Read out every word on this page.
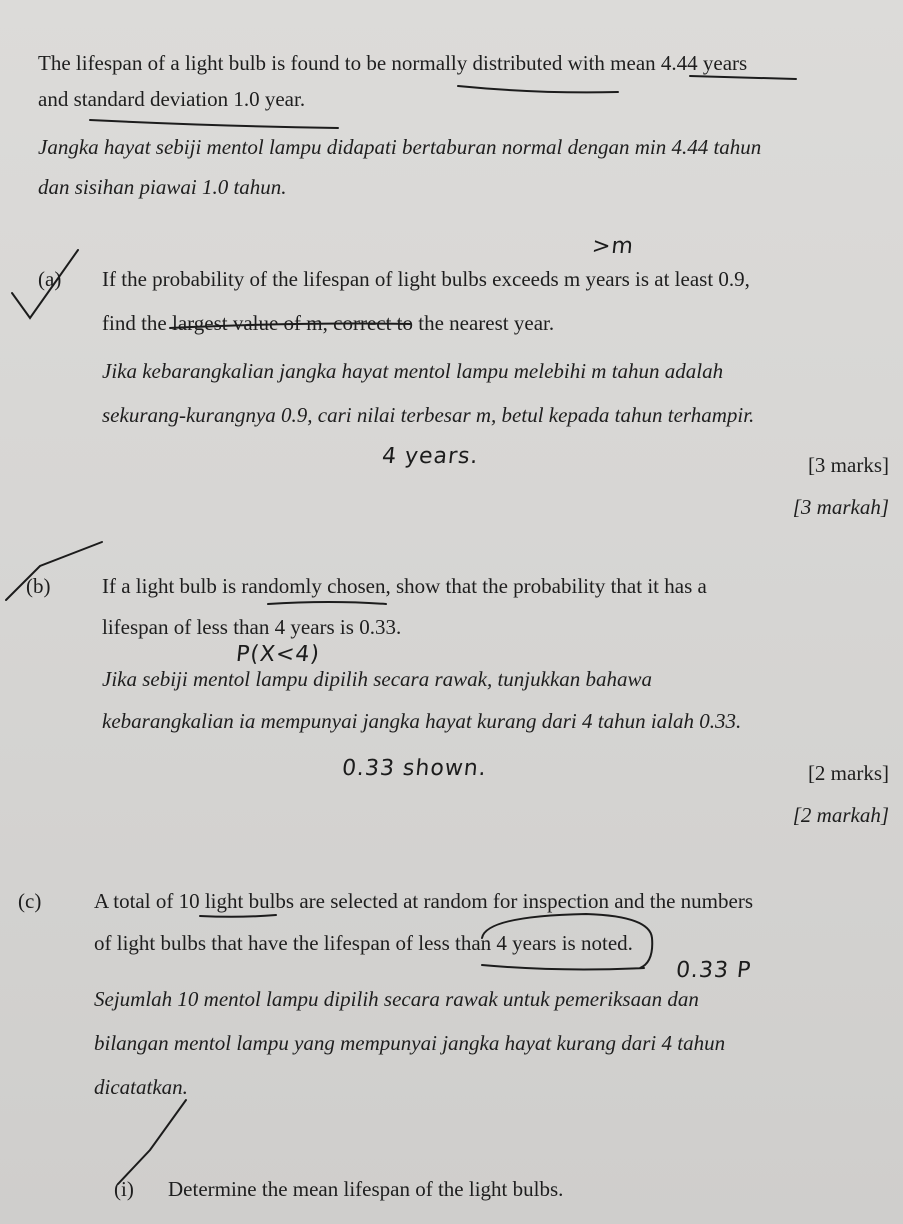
The lifespan of a light bulb is found to be normally distributed with mean 4.44 years
and standard deviation 1.0 year.
Jangka hayat sebiji mentol lampu didapati bertaburan normal dengan min 4.44 tahun
dan sisihan piawai 1.0 tahun.
>m
(a) If the probability of the lifespan of light bulbs exceeds m years is at least 0.9,
find the largest value of m, correct to the nearest year.
Jika kebarangkalian jangka hayat mentol lampu melebihi m tahun adalah
sekurang-kurangnya 0.9, cari nilai terbesar m, betul kepada tahun terhampir.
4 years.	[3 marks]
[3 markah]
(b) If a light bulb is randomly chosen, show that the probability that it has a
lifespan of less than 4 years is 0.33.
P(X<4)
Jika sebiji mentol lampu dipilih secara rawak, tunjukkan bahawa
kebarangkalian ia mempunyai jangka hayat kurang dari 4 tahun ialah 0.33.
0.33 shown.	[2 marks]
[2 markah]
(c)	A total of 10 light bulbs are selected at random for inspection and the numbers
of light bulbs that have the lifespan of less than 4 years is noted.
0.33 P
Sejumlah 10 mentol lampu dipilih secara rawak untuk pemeriksaan dan
bilangan mentol lampu yang mempunyai jangka hayat kurang dari 4 tahun
dicatatkan.
(i) Determine the mean lifespan of the light bulbs.
